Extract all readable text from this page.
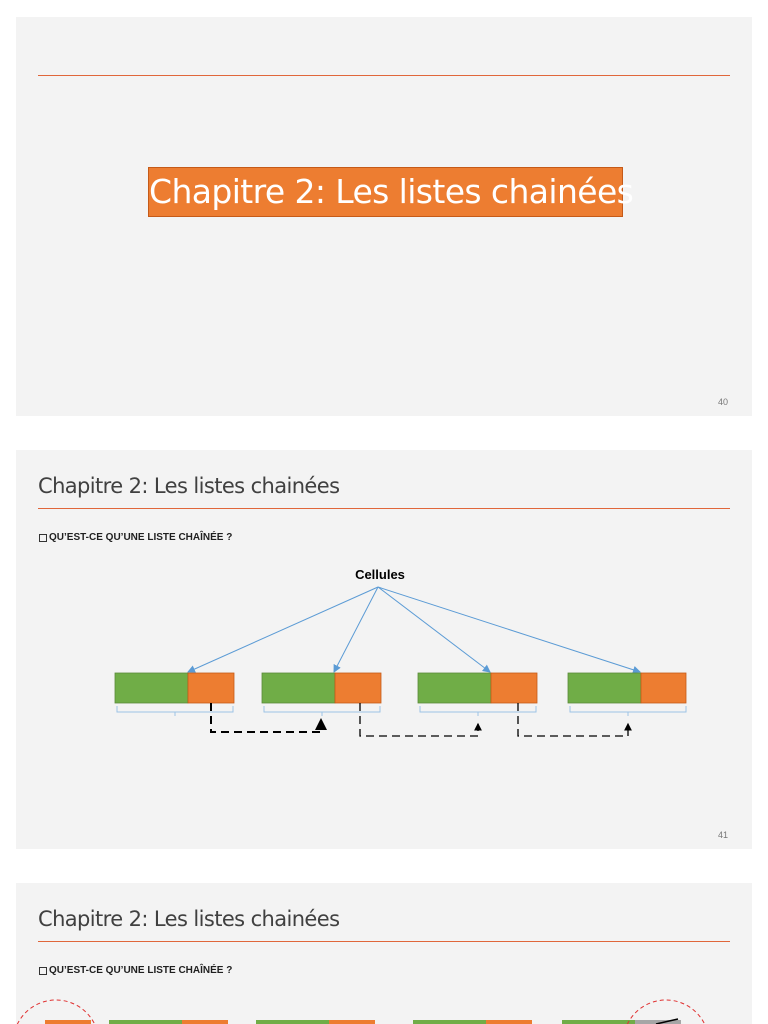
Chapitre 2: Les listes chainées
40
Chapitre 2: Les listes chainées
QU’EST-CE QU’UNE LISTE CHAÎNÉE ?
Cellules
41
Chapitre 2: Les listes chainées
QU’EST-CE QU’UNE LISTE CHAÎNÉE ?
